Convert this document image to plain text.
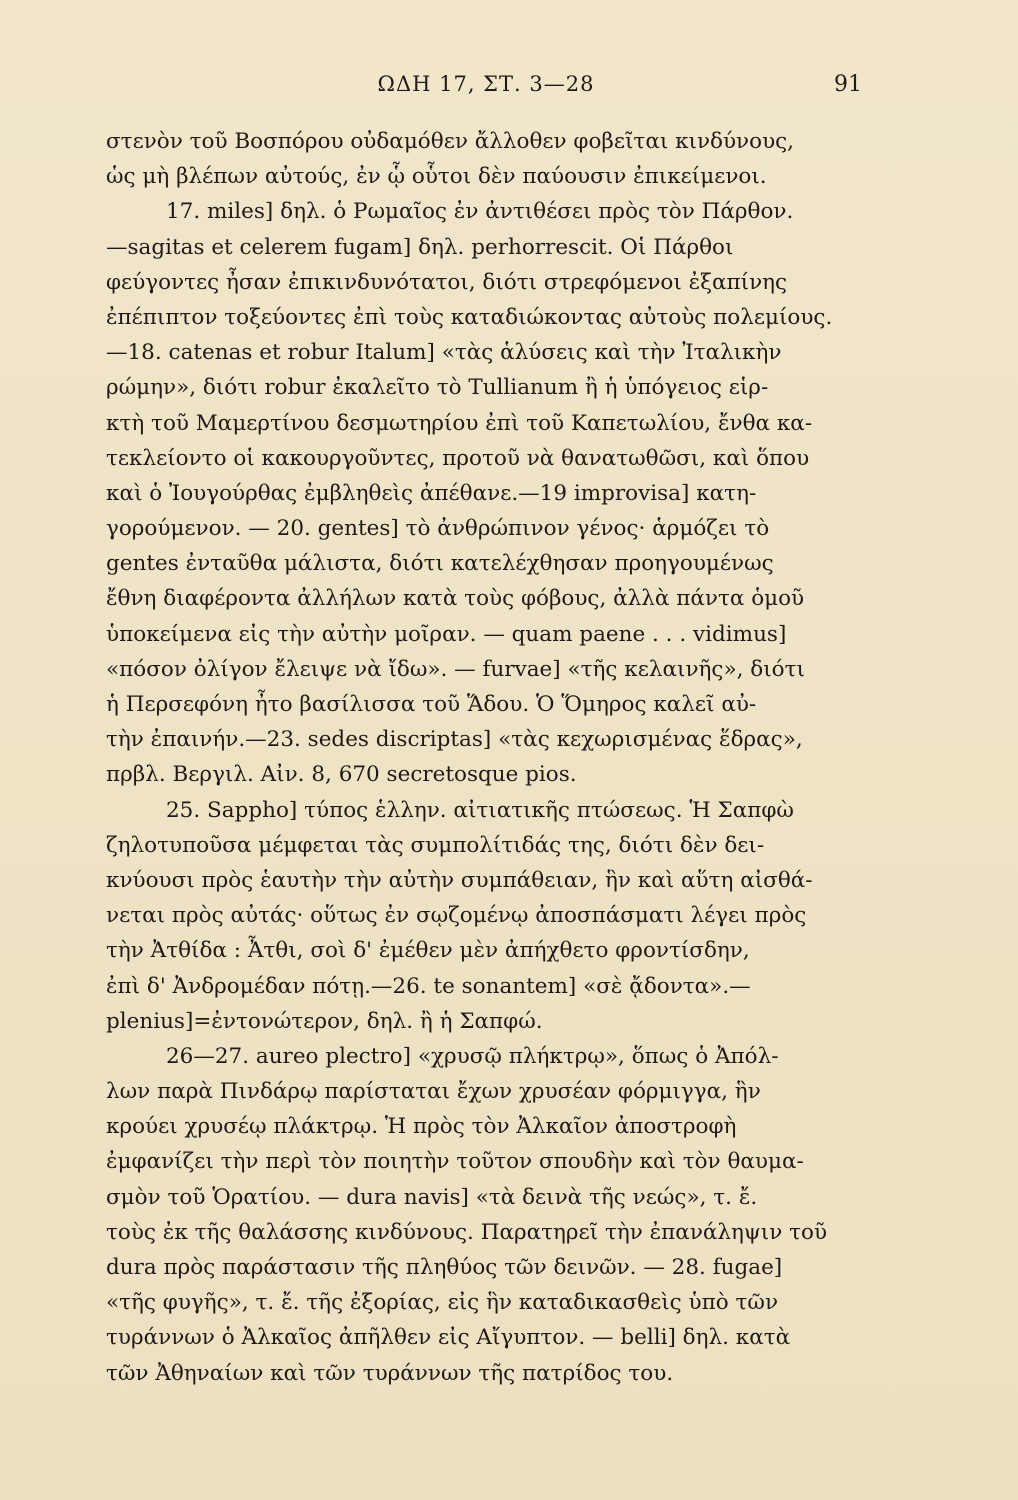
ΩΔΗ 17, ΣΤ. 3—28	91
στενὸν τοῦ Βοσπόρου οὐδαμόθεν ἄλλοθεν φοβεῖται κινδύνους,
ὡς μὴ βλέπων αὐτούς, ἐν ᾧ οὗτοι δὲν παύουσιν ἐπικείμενοι.
17. miles] δηλ. ὁ Ρωμαῖος ἐν ἀντιθέσει πρὸς τὸν Πάρθον.
—sagitas et celerem fugam] δηλ. perhorrescit. Οἱ Πάρθοι
φεύγοντες ἦσαν ἐπικινδυνότατοι, διότι στρεφόμενοι ἐξαπίνης
ἐπέπιπτον τοξεύοντες ἐπὶ τοὺς καταδιώκοντας αὐτοὺς πολεμίους.
—18. catenas et robur Italum] «τὰς ἁλύσεις καὶ τὴν Ἰταλικὴν
ρώμην», διότι robur ἐκαλεῖτο τὸ Tullianum ἢ ἡ ὑπόγειος εἱρ-
κτὴ τοῦ Μαμερτίνου δεσμωτηρίου ἐπὶ τοῦ Καπετωλίου, ἔνθα κα-
τεκλείοντο οἱ κακουργοῦντες, προτοῦ νὰ θανατωθῶσι, καὶ ὅπου
καὶ ὁ Ἰουγούρθας ἐμβληθεὶς ἀπέθανε.—19 improvisa] κατη-
γορούμενον. — 20. gentes] τὸ ἀνθρώπινον γένος· ἁρμόζει τὸ
gentes ἐνταῦθα μάλιστα, διότι κατελέχθησαν προηγουμένως
ἔθνη διαφέροντα ἀλλήλων κατὰ τοὺς φόβους, ἀλλὰ πάντα ὁμοῦ
ὑποκείμενα εἰς τὴν αὐτὴν μοῖραν. — quam paene . . . vidimus]
«πόσον ὀλίγον ἔλειψε νὰ ἴδω». — furvae] «τῆς κελαινῆς», διότι
ἡ Περσεφόνη ἦτο βασίλισσα τοῦ Ἅδου. Ὁ Ὅμηρος καλεῖ αὐ-
τὴν ἐπαινήν.—23. sedes discriptas] «τὰς κεχωρισμένας ἕδρας»,
πρβλ. Βεργιλ. Αἰν. 8, 670 secretosque pios.
25. Sappho] τύπος ἑλλην. αἰτιατικῆς πτώσεως. Ἡ Σαπφὼ
ζηλοτυποῦσα μέμφεται τὰς συμπολίτιδάς της, διότι δὲν δει-
κνύουσι πρὸς ἑαυτὴν τὴν αὐτὴν συμπάθειαν, ἣν καὶ αὕτη αἰσθά-
νεται πρὸς αὐτάς· οὕτως ἐν σῳζομένῳ ἀποσπάσματι λέγει πρὸς
τὴν Ἀτθίδα : Ἆτθι, σοὶ δ' ἐμέθεν μὲν ἀπήχθετο φροντίσδην,
ἐπὶ δ' Ἀνδρομέδαν πότῃ.—26. te sonantem] «σὲ ᾄδοντα».—
plenius]=ἐντονώτερον, δηλ. ἢ ἡ Σαπφώ.
26—27. aureo plectro] «χρυσῷ πλήκτρῳ», ὅπως ὁ Ἀπόλ-
λων παρὰ Πινδάρῳ παρίσταται ἔχων χρυσέαν φόρμιγγα, ἣν
κρούει χρυσέῳ πλάκτρῳ. Ἡ πρὸς τὸν Ἀλκαῖον ἀποστροφὴ
ἐμφανίζει τὴν περὶ τὸν ποιητὴν τοῦτον σπουδὴν καὶ τὸν θαυμα-
σμὸν τοῦ Ὁρατίου. — dura navis] «τὰ δεινὰ τῆς νεώς», τ. ἔ.
τοὺς ἐκ τῆς θαλάσσης κινδύνους. Παρατηρεῖ τὴν ἐπανάληψιν τοῦ
dura πρὸς παράστασιν τῆς πληθύος τῶν δεινῶν. — 28. fugae]
«τῆς φυγῆς», τ. ἔ. τῆς ἐξορίας, εἰς ἣν καταδικασθεὶς ὑπὸ τῶν
τυράννων ὁ Ἀλκαῖος ἀπῆλθεν εἰς Αἴγυπτον. — belli] δηλ. κατὰ
τῶν Ἀθηναίων καὶ τῶν τυράννων τῆς πατρίδος του.
